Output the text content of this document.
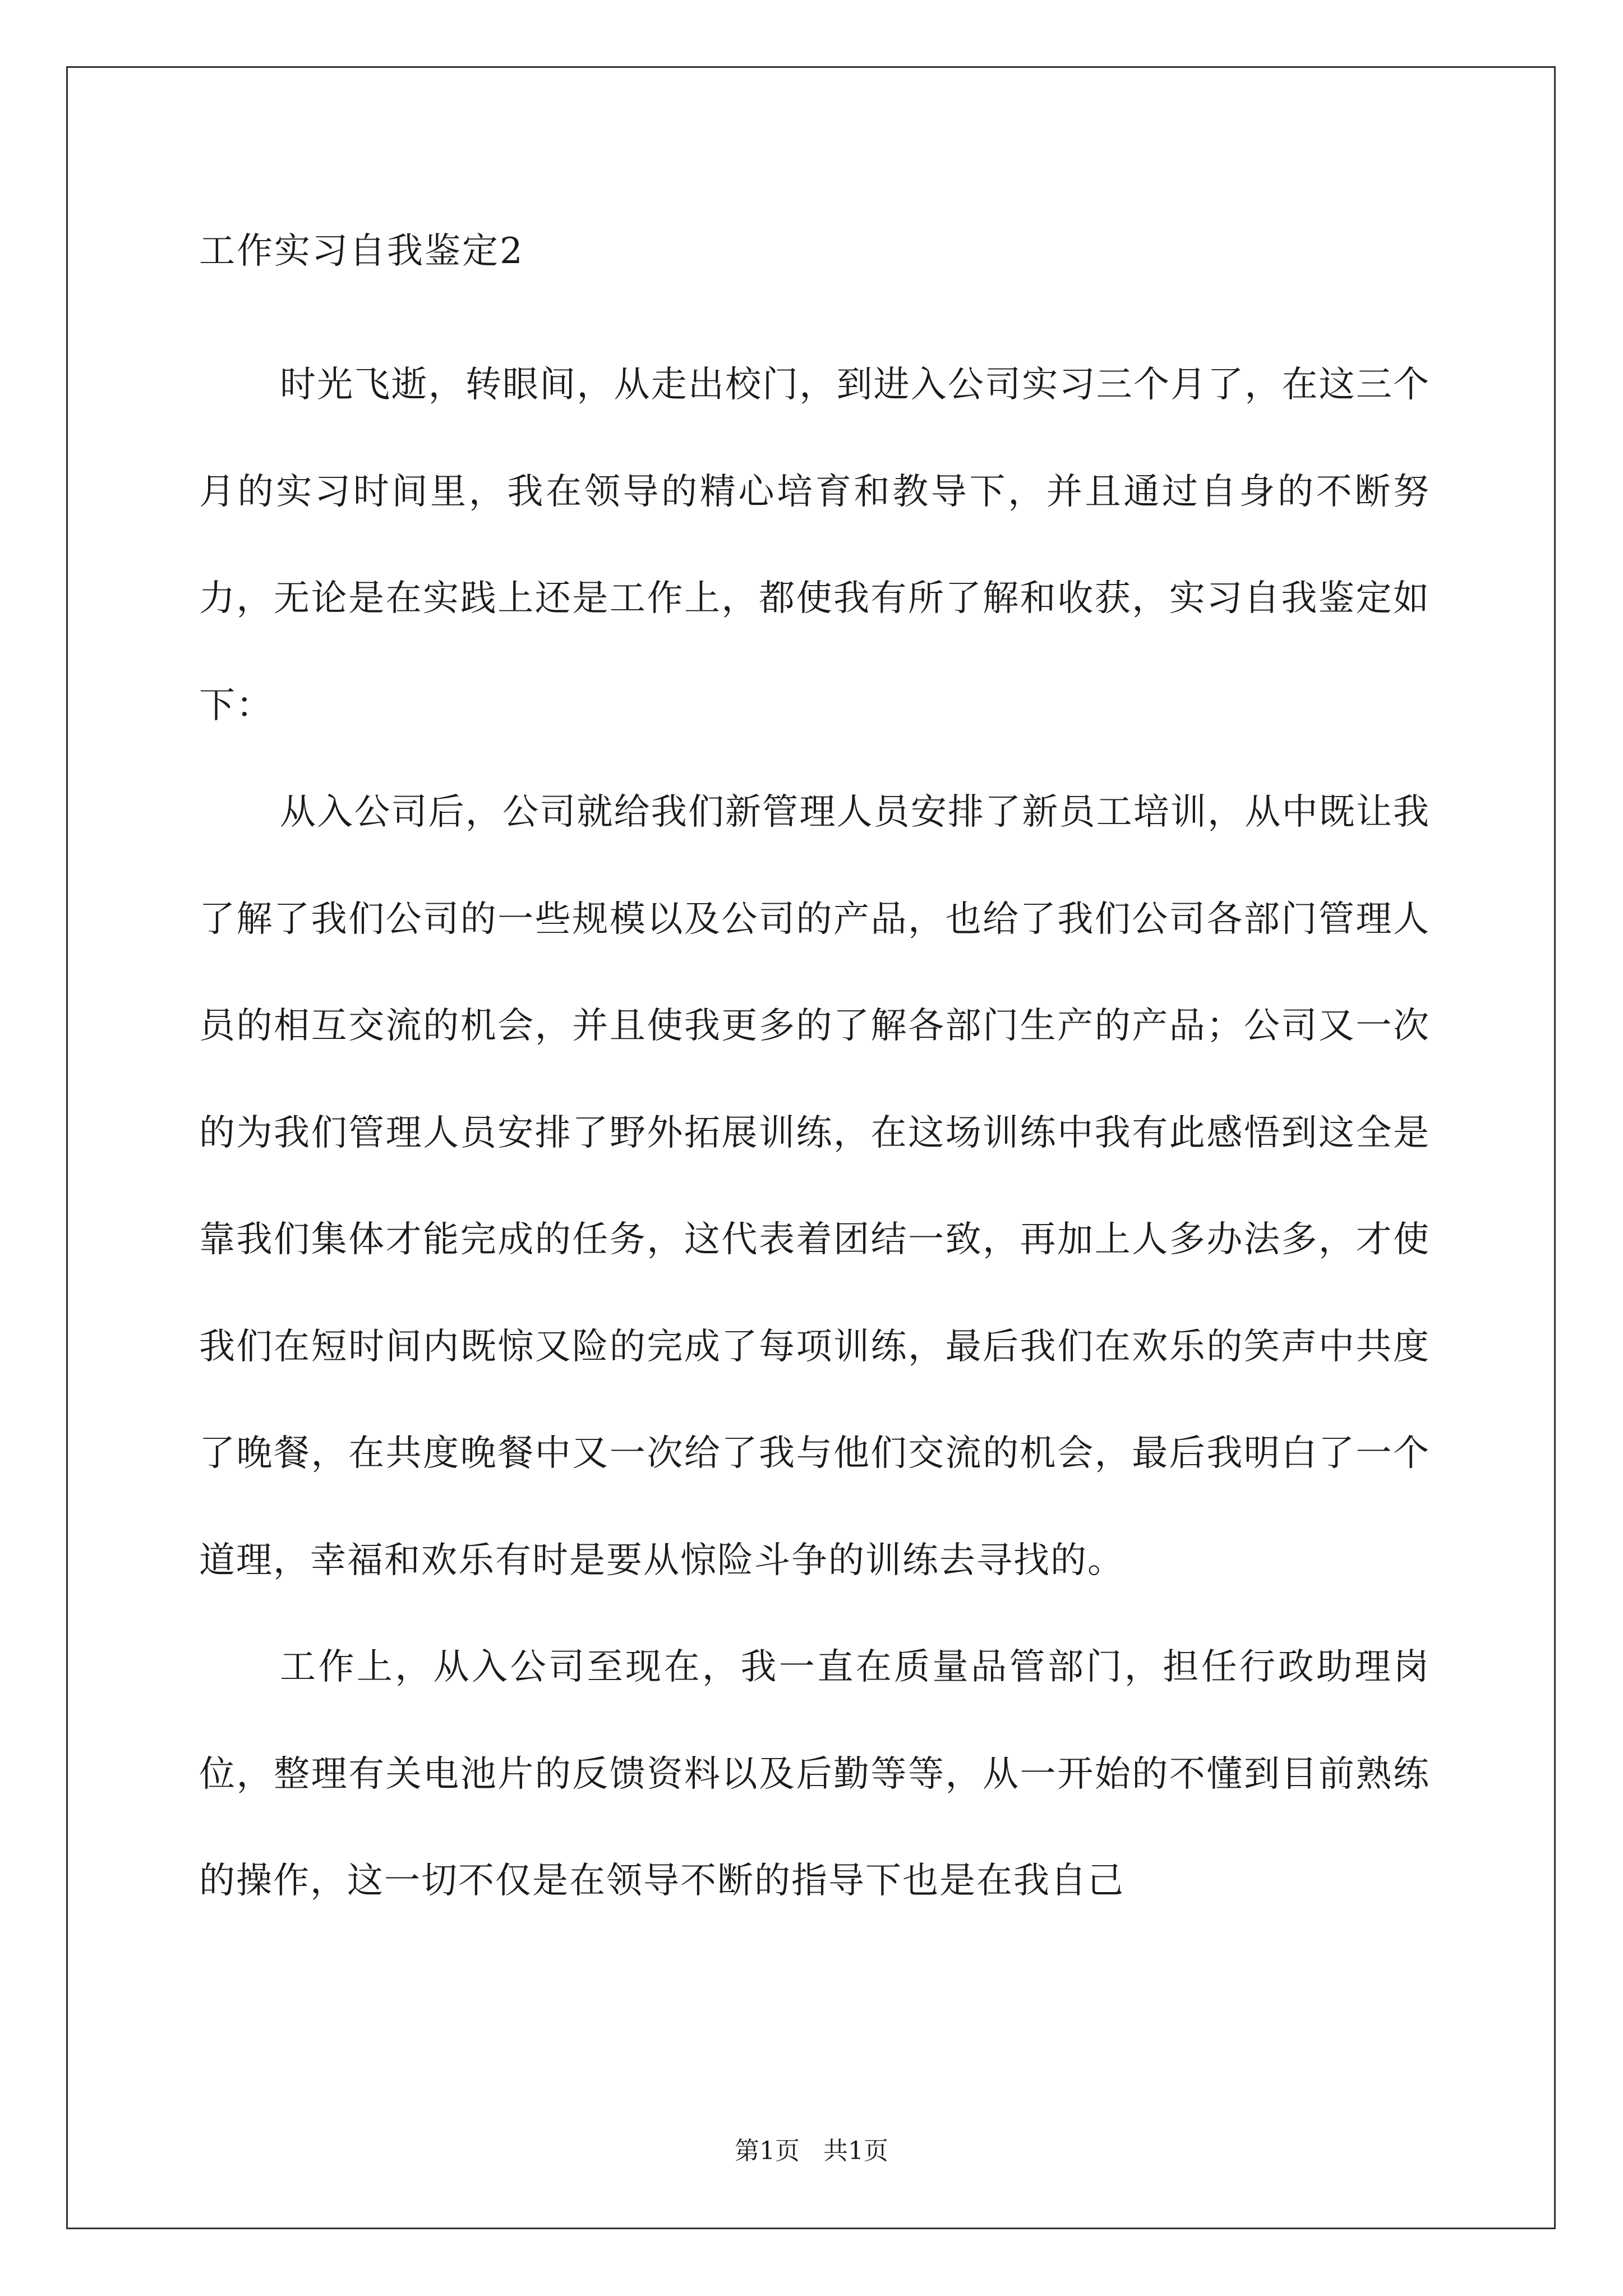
工作实习自我鉴定2

时光飞逝，转眼间，从走出校门，到进入公司实习三个月了，在这三个月的实习时间里，我在领导的精心培育和教导下，并且通过自身的不断努力，无论是在实践上还是工作上，都使我有所了解和收获，实习自我鉴定如下：

从入公司后，公司就给我们新管理人员安排了新员工培训，从中既让我了解了我们公司的一些规模以及公司的产品，也给了我们公司各部门管理人员的相互交流的机会，并且使我更多的了解各部门生产的产品；公司又一次的为我们管理人员安排了野外拓展训练，在这场训练中我有此感悟到这全是靠我们集体才能完成的任务，这代表着团结一致，再加上人多办法多，才使我们在短时间内既惊又险的完成了每项训练，最后我们在欢乐的笑声中共度了晚餐，在共度晚餐中又一次给了我与他们交流的机会，最后我明白了一个道理，幸福和欢乐有时是要从惊险斗争的训练去寻找的。

工作上，从入公司至现在，我一直在质量品管部门，担任行政助理岗位，整理有关电池片的反馈资料以及后勤等等，从一开始的不懂到目前熟练的操作，这一切不仅是在领导不断的指导下也是在我自己

第1页   共1页
